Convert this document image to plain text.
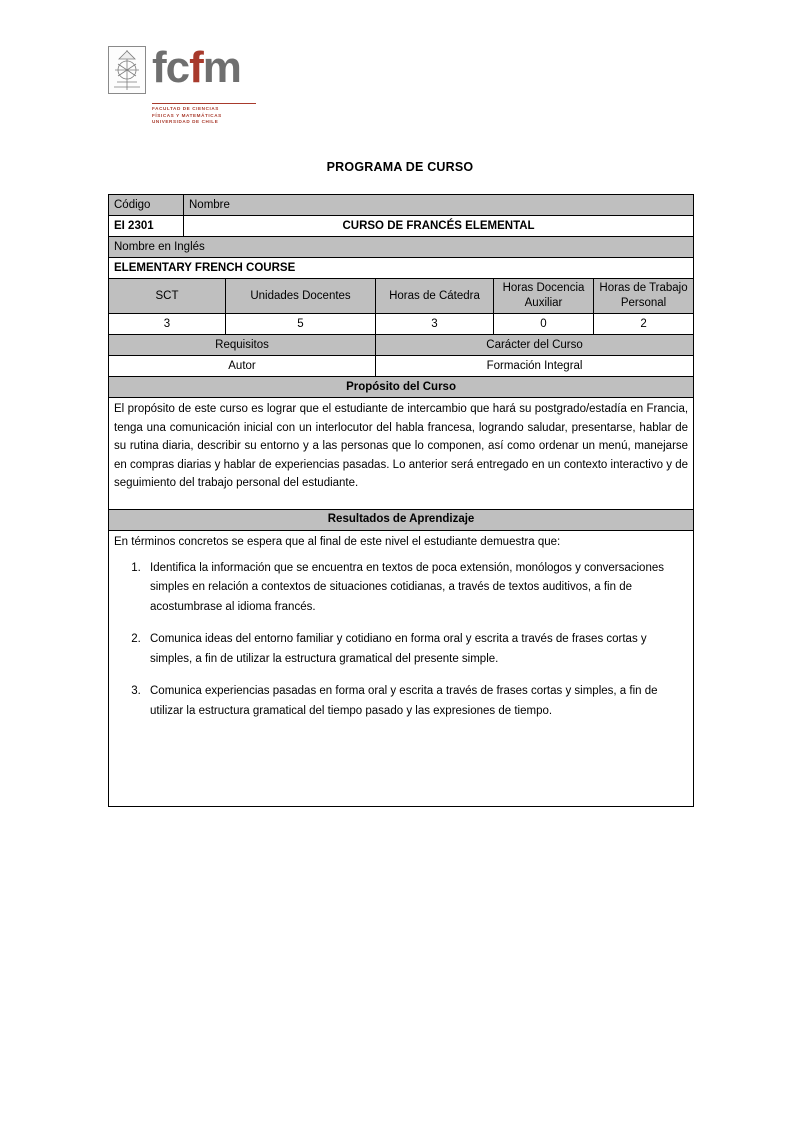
fcfm
FACULTAD DE CIENCIAS
FÍSICAS Y MATEMÁTICAS
UNIVERSIDAD DE CHILE
PROGRAMA DE CURSO
Código	Nombre				
EI 2301	CURSO DE FRANCÉS ELEMENTAL				
Nombre en Inglés					
ELEMENTARY FRENCH COURSE					
SCT		Unidades Docentes	Horas de Cátedra	Horas Docencia Auxiliar	Horas de Trabajo Personal
3		5	3	0	2
Requisitos			Carácter del Curso		
Autor			Formación Integral		
Propósito del Curso					

El propósito de este curso es lograr que el estudiante de intercambio que hará su postgrado/estadía en Francia, tenga una comunicación inicial con un interlocutor del habla francesa, logrando saludar, presentarse, hablar de su rutina diaria, describir su entorno y a las personas que lo componen, así como ordenar un menú, manejarse en compras diarias y hablar de experiencias pasadas. Lo anterior será entregado en un contexto interactivo y de seguimiento del trabajo personal del estudiante.					

Resultados de Aprendizaje					

En términos concretos se espera que al final de este nivel el estudiante demuestra que:

1. Identifica la información que se encuentra en textos de poca extensión, monólogos y conversaciones simples en relación a contextos de situaciones cotidianas, a través de textos auditivos, a fin de acostumbrase al idioma francés.
2. Comunica ideas del entorno familiar y cotidiano en forma oral y escrita a través de frases cortas y simples, a fin de utilizar la estructura gramatical del presente simple.
3. Comunica experiencias pasadas en forma oral y escrita a través de frases cortas y simples, a fin de utilizar la estructura gramatical del tiempo pasado y las expresiones de tiempo.
